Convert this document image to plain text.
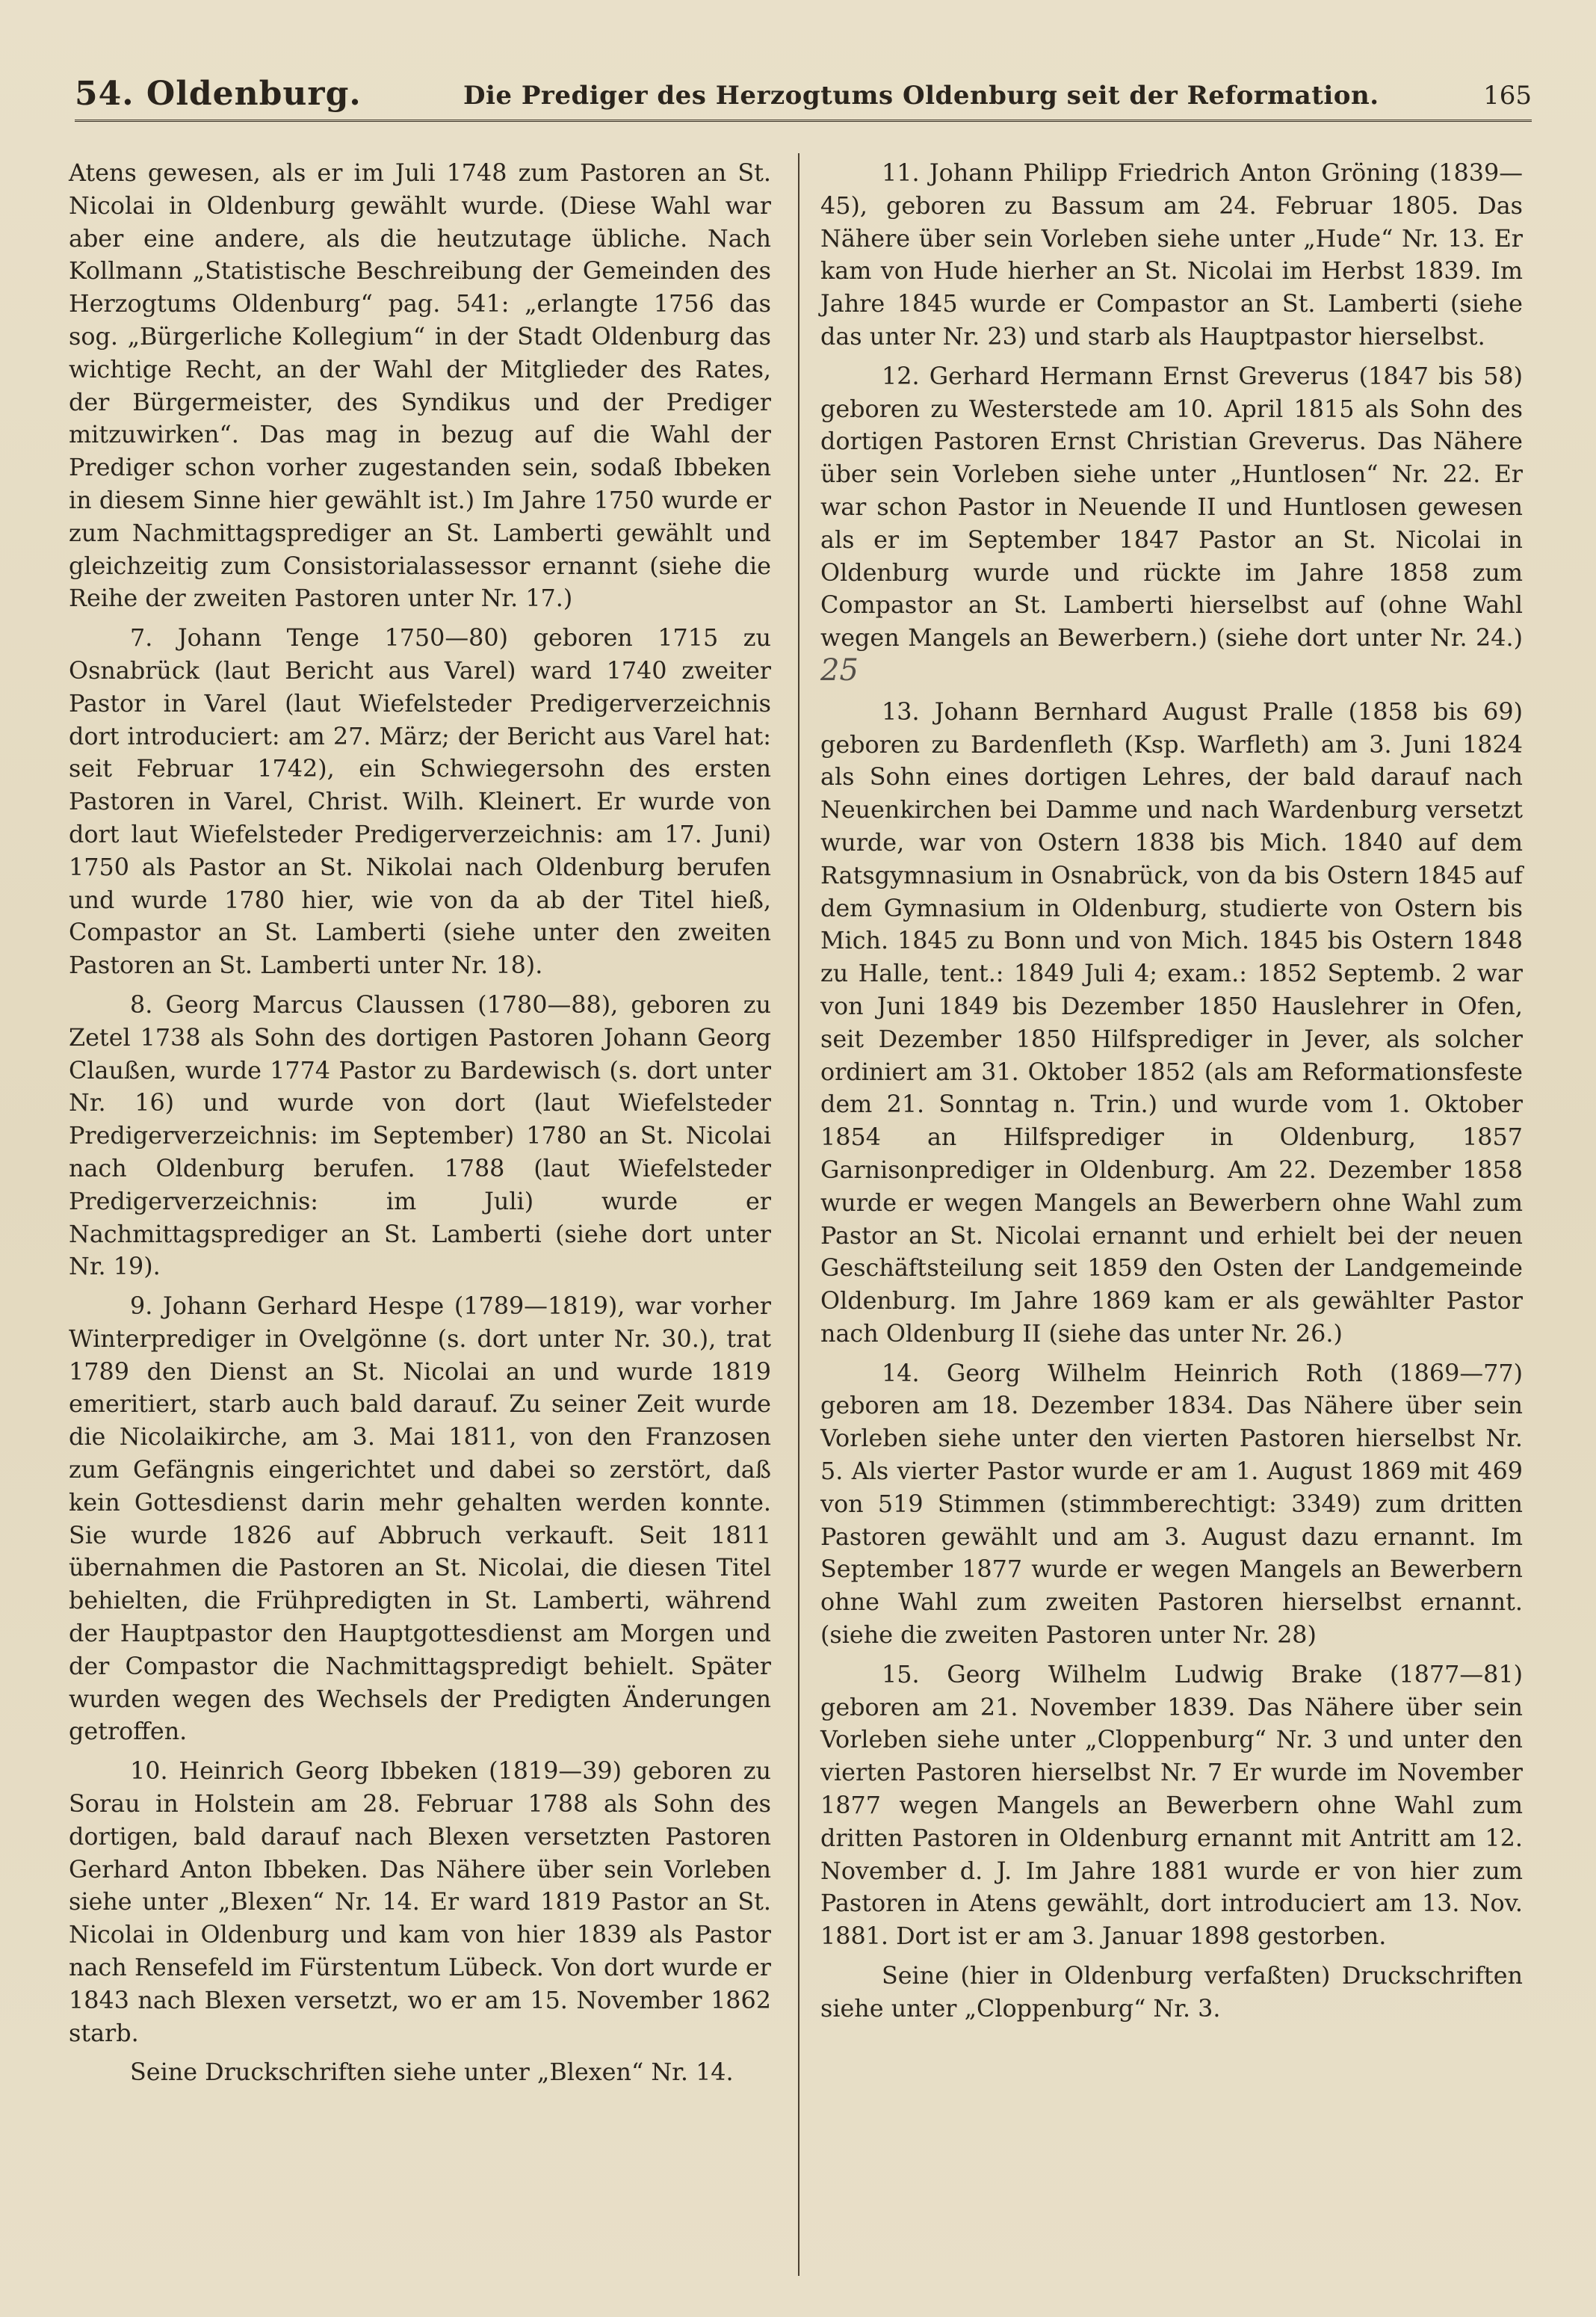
54. Oldenburg.	Die Prediger des Herzogtums Oldenburg seit der Reformation.	165

Atens gewesen, als er im Juli 1748 zum Pastoren an St. Nicolai in Oldenburg gewählt wurde. (Diese Wahl war aber eine andere, als die heutzutage übliche. Nach Kollmann „Statistische Beschreibung der Gemeinden des Herzogtums Oldenburg“ pag. 541: „erlangte 1756 das sog. „Bürgerliche Kollegium“ in der Stadt Oldenburg das wichtige Recht, an der Wahl der Mitglieder des Rates, der Bürgermeister, des Syndikus und der Prediger mitzuwirken“. Das mag in bezug auf die Wahl der Prediger schon vorher zugestanden sein, sodaß Ibbeken in diesem Sinne hier gewählt ist.) Im Jahre 1750 wurde er zum Nachmittagsprediger an St. Lamberti gewählt und gleichzeitig zum Consistorialassessor ernannt (siehe die Reihe der zweiten Pastoren unter Nr. 17.)

7. Johann Tenge 1750—80) geboren 1715 zu Osnabrück (laut Bericht aus Varel) ward 1740 zweiter Pastor in Varel (laut Wiefelsteder Predigerverzeichnis dort introduciert: am 27. März; der Bericht aus Varel hat: seit Februar 1742), ein Schwiegersohn des ersten Pastoren in Varel, Christ. Wilh. Kleinert. Er wurde von dort laut Wiefelsteder Predigerverzeichnis: am 17. Juni) 1750 als Pastor an St. Nikolai nach Oldenburg berufen und wurde 1780 hier, wie von da ab der Titel hieß, Compastor an St. Lamberti (siehe unter den zweiten Pastoren an St. Lamberti unter Nr. 18).

8. Georg Marcus Claussen (1780—88), geboren zu Zetel 1738 als Sohn des dortigen Pastoren Johann Georg Claußen, wurde 1774 Pastor zu Bardewisch (s. dort unter Nr. 16) und wurde von dort (laut Wiefelsteder Predigerverzeichnis: im September) 1780 an St. Nicolai nach Oldenburg berufen. 1788 (laut Wiefelsteder Predigerverzeichnis: im Juli) wurde er Nachmittagsprediger an St. Lamberti (siehe dort unter Nr. 19).

9. Johann Gerhard Hespe (1789—1819), war vorher Winterprediger in Ovelgönne (s. dort unter Nr. 30.), trat 1789 den Dienst an St. Nicolai an und wurde 1819 emeritiert, starb auch bald darauf. Zu seiner Zeit wurde die Nicolaikirche, am 3. Mai 1811, von den Franzosen zum Gefängnis eingerichtet und dabei so zerstört, daß kein Gottesdienst darin mehr gehalten werden konnte. Sie wurde 1826 auf Abbruch verkauft. Seit 1811 übernahmen die Pastoren an St. Nicolai, die diesen Titel behielten, die Frühpredigten in St. Lamberti, während der Hauptpastor den Hauptgottesdienst am Morgen und der Compastor die Nachmittagspredigt behielt. Später wurden wegen des Wechsels der Predigten Änderungen getroffen.

10. Heinrich Georg Ibbeken (1819—39) geboren zu Sorau in Holstein am 28. Februar 1788 als Sohn des dortigen, bald darauf nach Blexen versetzten Pastoren Gerhard Anton Ibbeken. Das Nähere über sein Vorleben siehe unter „Blexen“ Nr. 14. Er ward 1819 Pastor an St. Nicolai in Oldenburg und kam von hier 1839 als Pastor nach Rensefeld im Fürstentum Lübeck. Von dort wurde er 1843 nach Blexen versetzt, wo er am 15. November 1862 starb.

Seine Druckschriften siehe unter „Blexen“ Nr. 14.

11. Johann Philipp Friedrich Anton Gröning (1839—45), geboren zu Bassum am 24. Februar 1805. Das Nähere über sein Vorleben siehe unter „Hude“ Nr. 13. Er kam von Hude hierher an St. Nicolai im Herbst 1839. Im Jahre 1845 wurde er Compastor an St. Lamberti (siehe das unter Nr. 23) und starb als Hauptpastor hierselbst.

12. Gerhard Hermann Ernst Greverus (1847 bis 58) geboren zu Westerstede am 10. April 1815 als Sohn des dortigen Pastoren Ernst Christian Greverus. Das Nähere über sein Vorleben siehe unter „Huntlosen“ Nr. 22. Er war schon Pastor in Neuende II und Huntlosen gewesen als er im September 1847 Pastor an St. Nicolai in Oldenburg wurde und rückte im Jahre 1858 zum Compastor an St. Lamberti hierselbst auf (ohne Wahl wegen Mangels an Bewerbern.) (siehe dort unter Nr. 24.) 25

13. Johann Bernhard August Pralle (1858 bis 69) geboren zu Bardenfleth (Ksp. Warfleth) am 3. Juni 1824 als Sohn eines dortigen Lehres, der bald darauf nach Neuenkirchen bei Damme und nach Wardenburg versetzt wurde, war von Ostern 1838 bis Mich. 1840 auf dem Ratsgymnasium in Osnabrück, von da bis Ostern 1845 auf dem Gymnasium in Oldenburg, studierte von Ostern bis Mich. 1845 zu Bonn und von Mich. 1845 bis Ostern 1848 zu Halle, tent.: 1849 Juli 4; exam.: 1852 Septemb. 2 war von Juni 1849 bis Dezember 1850 Hauslehrer in Ofen, seit Dezember 1850 Hilfsprediger in Jever, als solcher ordiniert am 31. Oktober 1852 (als am Reformationsfeste dem 21. Sonntag n. Trin.) und wurde vom 1. Oktober 1854 an Hilfsprediger in Oldenburg, 1857 Garnisonprediger in Oldenburg. Am 22. Dezember 1858 wurde er wegen Mangels an Bewerbern ohne Wahl zum Pastor an St. Nicolai ernannt und erhielt bei der neuen Geschäftsteilung seit 1859 den Osten der Landgemeinde Oldenburg. Im Jahre 1869 kam er als gewählter Pastor nach Oldenburg II (siehe das unter Nr. 26.)

14. Georg Wilhelm Heinrich Roth (1869—77) geboren am 18. Dezember 1834. Das Nähere über sein Vorleben siehe unter den vierten Pastoren hierselbst Nr. 5. Als vierter Pastor wurde er am 1. August 1869 mit 469 von 519 Stimmen (stimmberechtigt: 3349) zum dritten Pastoren gewählt und am 3. August dazu ernannt. Im September 1877 wurde er wegen Mangels an Bewerbern ohne Wahl zum zweiten Pastoren hierselbst ernannt. (siehe die zweiten Pastoren unter Nr. 28)

15. Georg Wilhelm Ludwig Brake (1877—81) geboren am 21. November 1839. Das Nähere über sein Vorleben siehe unter „Cloppenburg“ Nr. 3 und unter den vierten Pastoren hierselbst Nr. 7 Er wurde im November 1877 wegen Mangels an Bewerbern ohne Wahl zum dritten Pastoren in Oldenburg ernannt mit Antritt am 12. November d. J. Im Jahre 1881 wurde er von hier zum Pastoren in Atens gewählt, dort introduciert am 13. Nov. 1881. Dort ist er am 3. Januar 1898 gestorben.

Seine (hier in Oldenburg verfaßten) Druckschriften siehe unter „Cloppenburg“ Nr. 3.
